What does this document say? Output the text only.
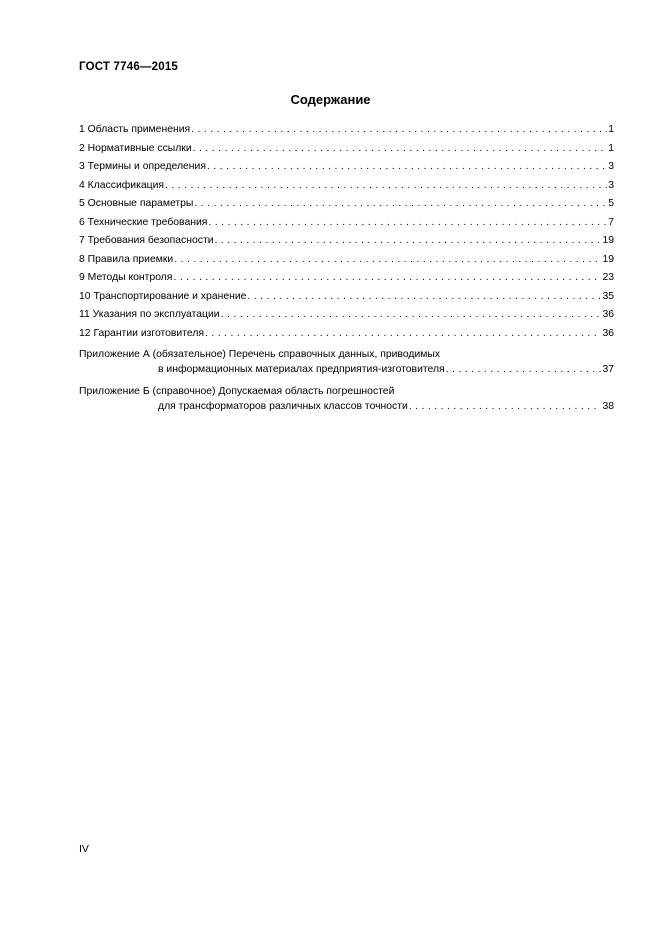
ГОСТ 7746—2015
Содержание
1 Область применения . . .	1
2 Нормативные ссылки . . .	1
3 Термины и определения . . .	3
4 Классификация . . .	3
5 Основные параметры . . .	5
6 Технические требования . . .	7
7 Требования безопасности . . .	19
8 Правила приемки . . .	19
9 Методы контроля . . .	23
10 Транспортирование и хранение . . .	35
11 Указания по эксплуатации . . .	36
12 Гарантии изготовителя . . .	36
Приложение А (обязательное) Перечень справочных данных, приводимых
в информационных материалах предприятия-изготовителя . . .	37
Приложение Б (справочное) Допускаемая область погрешностей
для трансформаторов различных классов точности . . .	38
IV
